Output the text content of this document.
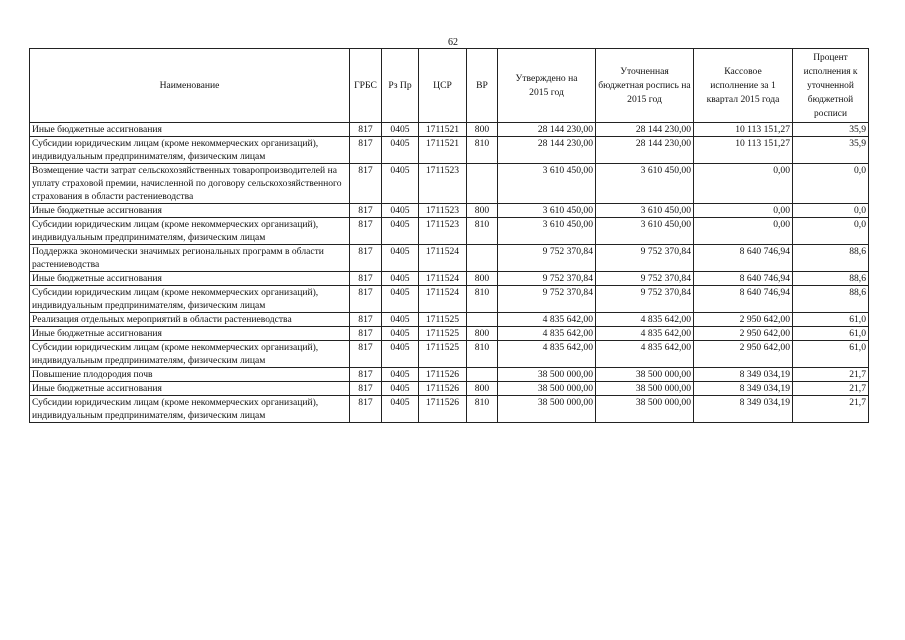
62
Наименование	ГРБС	Рз Пр	ЦСР	ВР	Утверждено на 2015 год	Уточненная бюджетная роспись на 2015 год	Кассовое исполнение за 1 квартал 2015 года	Процент исполнения к уточненной бюджетной росписи
Иные бюджетные ассигнования	817	0405	1711521	800	28 144 230,00	28 144 230,00	10 113 151,27	35,9
Субсидии юридическим лицам (кроме некоммерческих организаций), индивидуальным предпринимателям, физическим лицам	817	0405	1711521	810	28 144 230,00	28 144 230,00	10 113 151,27	35,9
Возмещение части затрат сельскохозяйственных товаропроизводителей на уплату страховой премии, начисленной по договору сельскохозяйственного страхования в области растениеводства	817	0405	1711523		3 610 450,00	3 610 450,00	0,00	0,0
Иные бюджетные ассигнования	817	0405	1711523	800	3 610 450,00	3 610 450,00	0,00	0,0
Субсидии юридическим лицам (кроме некоммерческих организаций), индивидуальным предпринимателям, физическим лицам	817	0405	1711523	810	3 610 450,00	3 610 450,00	0,00	0,0
Поддержка экономически значимых региональных программ в области растениеводства	817	0405	1711524		9 752 370,84	9 752 370,84	8 640 746,94	88,6
Иные бюджетные ассигнования	817	0405	1711524	800	9 752 370,84	9 752 370,84	8 640 746,94	88,6
Субсидии юридическим лицам (кроме некоммерческих организаций), индивидуальным предпринимателям, физическим лицам	817	0405	1711524	810	9 752 370,84	9 752 370,84	8 640 746,94	88,6
Реализация отдельных мероприятий в области растениеводства	817	0405	1711525		4 835 642,00	4 835 642,00	2 950 642,00	61,0
Иные бюджетные ассигнования	817	0405	1711525	800	4 835 642,00	4 835 642,00	2 950 642,00	61,0
Субсидии юридическим лицам (кроме некоммерческих организаций), индивидуальным предпринимателям, физическим лицам	817	0405	1711525	810	4 835 642,00	4 835 642,00	2 950 642,00	61,0
Повышение плодородия почв	817	0405	1711526		38 500 000,00	38 500 000,00	8 349 034,19	21,7
Иные бюджетные ассигнования	817	0405	1711526	800	38 500 000,00	38 500 000,00	8 349 034,19	21,7
Субсидии юридическим лицам (кроме некоммерческих организаций), индивидуальным предпринимателям, физическим лицам	817	0405	1711526	810	38 500 000,00	38 500 000,00	8 349 034,19	21,7
